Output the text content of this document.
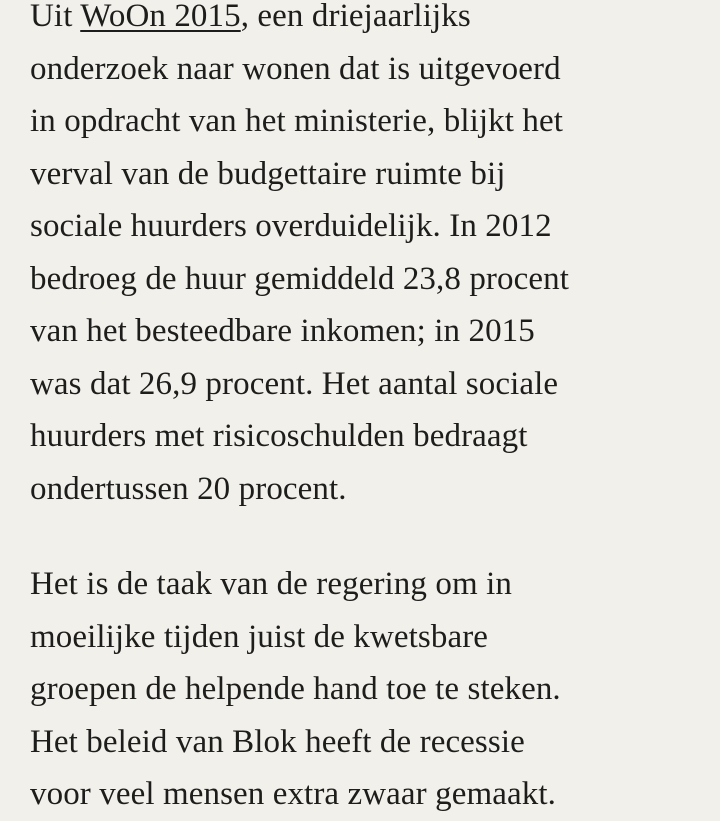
Uit WoOn 2015, een driejaarlijks
onderzoek naar wonen dat is uitgevoerd
in opdracht van het ministerie, blijkt het
verval van de budgettaire ruimte bij
sociale huurders overduidelijk. In 2012
bedroeg de huur gemiddeld 23,8 procent
van het besteedbare inkomen; in 2015
was dat 26,9 procent. Het aantal sociale
huurders met risicoschulden bedraagt
ondertussen 20 procent.

Het is de taak van de regering om in
moeilijke tijden juist de kwetsbare
groepen de helpende hand toe te steken.
Het beleid van Blok heeft de recessie
voor veel mensen extra zwaar gemaakt.
